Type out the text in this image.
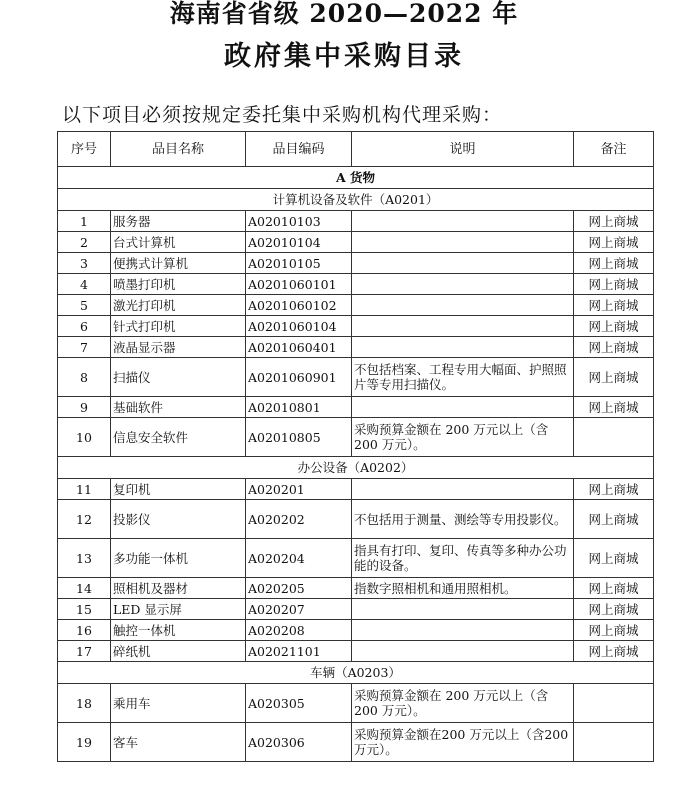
海南省省级 2020—2022 年
政府集中采购目录
以下项目必须按规定委托集中采购机构代理采购：
序号	品目名称	品目编码	说明	备注
A 货物				
计算机设备及软件（A0201）				
1	服务器	A02010103		网上商城
2	台式计算机	A02010104		网上商城
3	便携式计算机	A02010105		网上商城
4	喷墨打印机	A0201060101		网上商城
5	激光打印机	A0201060102		网上商城
6	针式打印机	A0201060104		网上商城
7	液晶显示器	A0201060401		网上商城
8	扫描仪	A0201060901	不包括档案、工程专用大幅面、护照照片等专用扫描仪。	网上商城
9	基础软件	A02010801		网上商城
10	信息安全软件	A02010805	采购预算金额在 200 万元以上（含200 万元）。	
办公设备（A0202）				
11	复印机	A020201		网上商城
12	投影仪	A020202	不包括用于测量、测绘等专用投影仪。	网上商城
13	多功能一体机	A020204	指具有打印、复印、传真等多种办公功能的设备。	网上商城
14	照相机及器材	A020205	指数字照相机和通用照相机。	网上商城
15	LED 显示屏	A020207		网上商城
16	触控一体机	A020208		网上商城
17	碎纸机	A02021101		网上商城
车辆（A0203）				
18	乘用车	A020305	采购预算金额在 200 万元以上（含200 万元）。	
19	客车	A020306	采购预算金额在200 万元以上（含200 万元）。	
